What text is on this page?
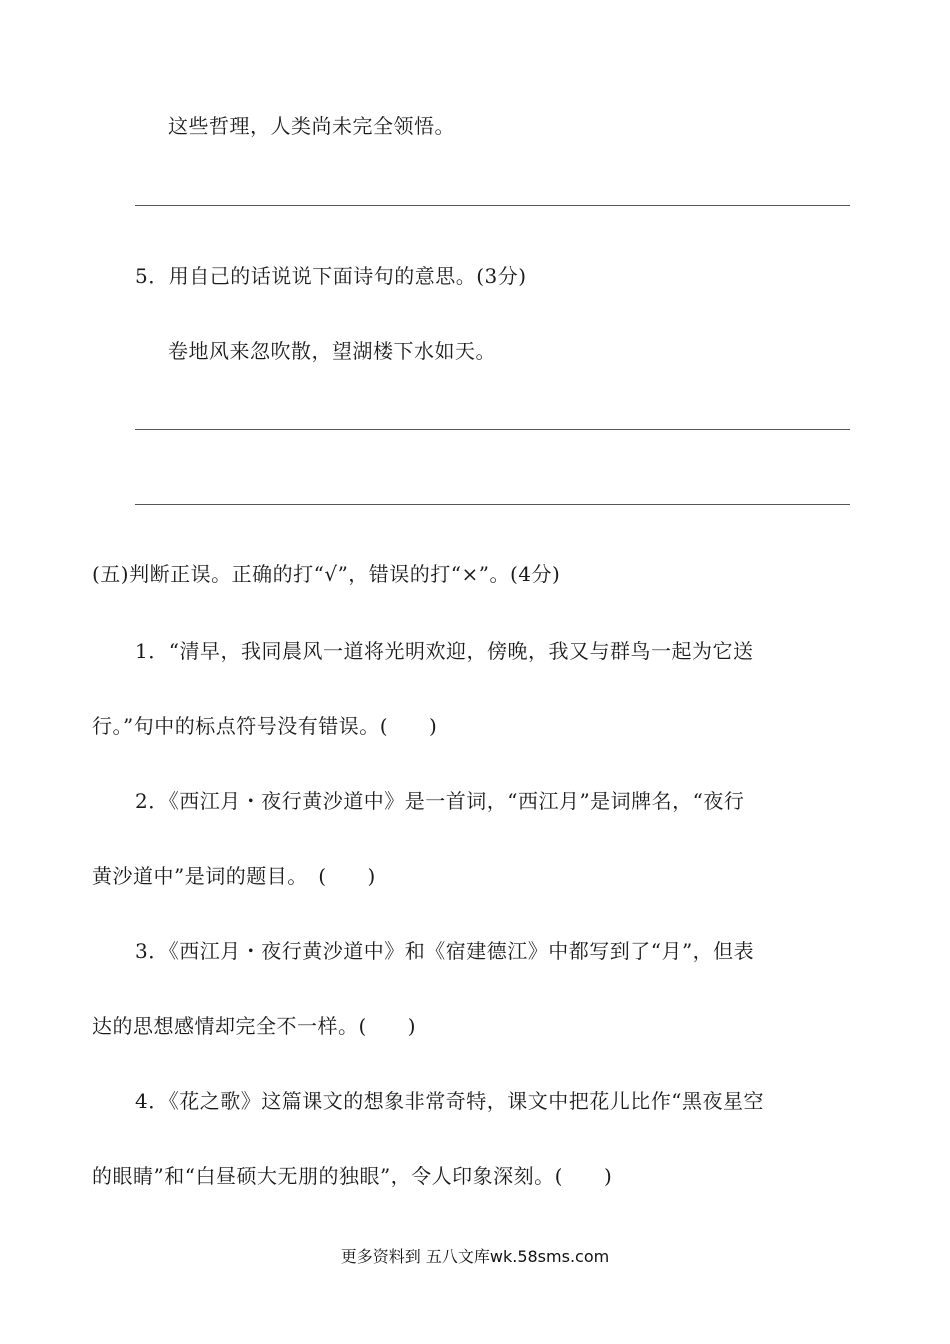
这些哲理，人类尚未完全领悟。
5．用自己的话说说下面诗句的意思。(3分)
卷地风来忽吹散，望湖楼下水如天。
(五)判断正误。正确的打“√”，错误的打“×”。(4分)
1．“清早，我同晨风一道将光明欢迎，傍晚，我又与群鸟一起为它送
行。”句中的标点符号没有错误。(　　)
2．《西江月・夜行黄沙道中》是一首词，“西江月”是词牌名，“夜行
黄沙道中”是词的题目。　(　　)
3．《西江月・夜行黄沙道中》和《宿建德江》中都写到了“月”，但表
达的思想感情却完全不一样。(　　)
4．《花之歌》这篇课文的想象非常奇特，课文中把花儿比作“黑夜星空
的眼睛”和“白昼硕大无朋的独眼”，令人印象深刻。(　　)
更多资料到 五八文库wk.58sms.com
